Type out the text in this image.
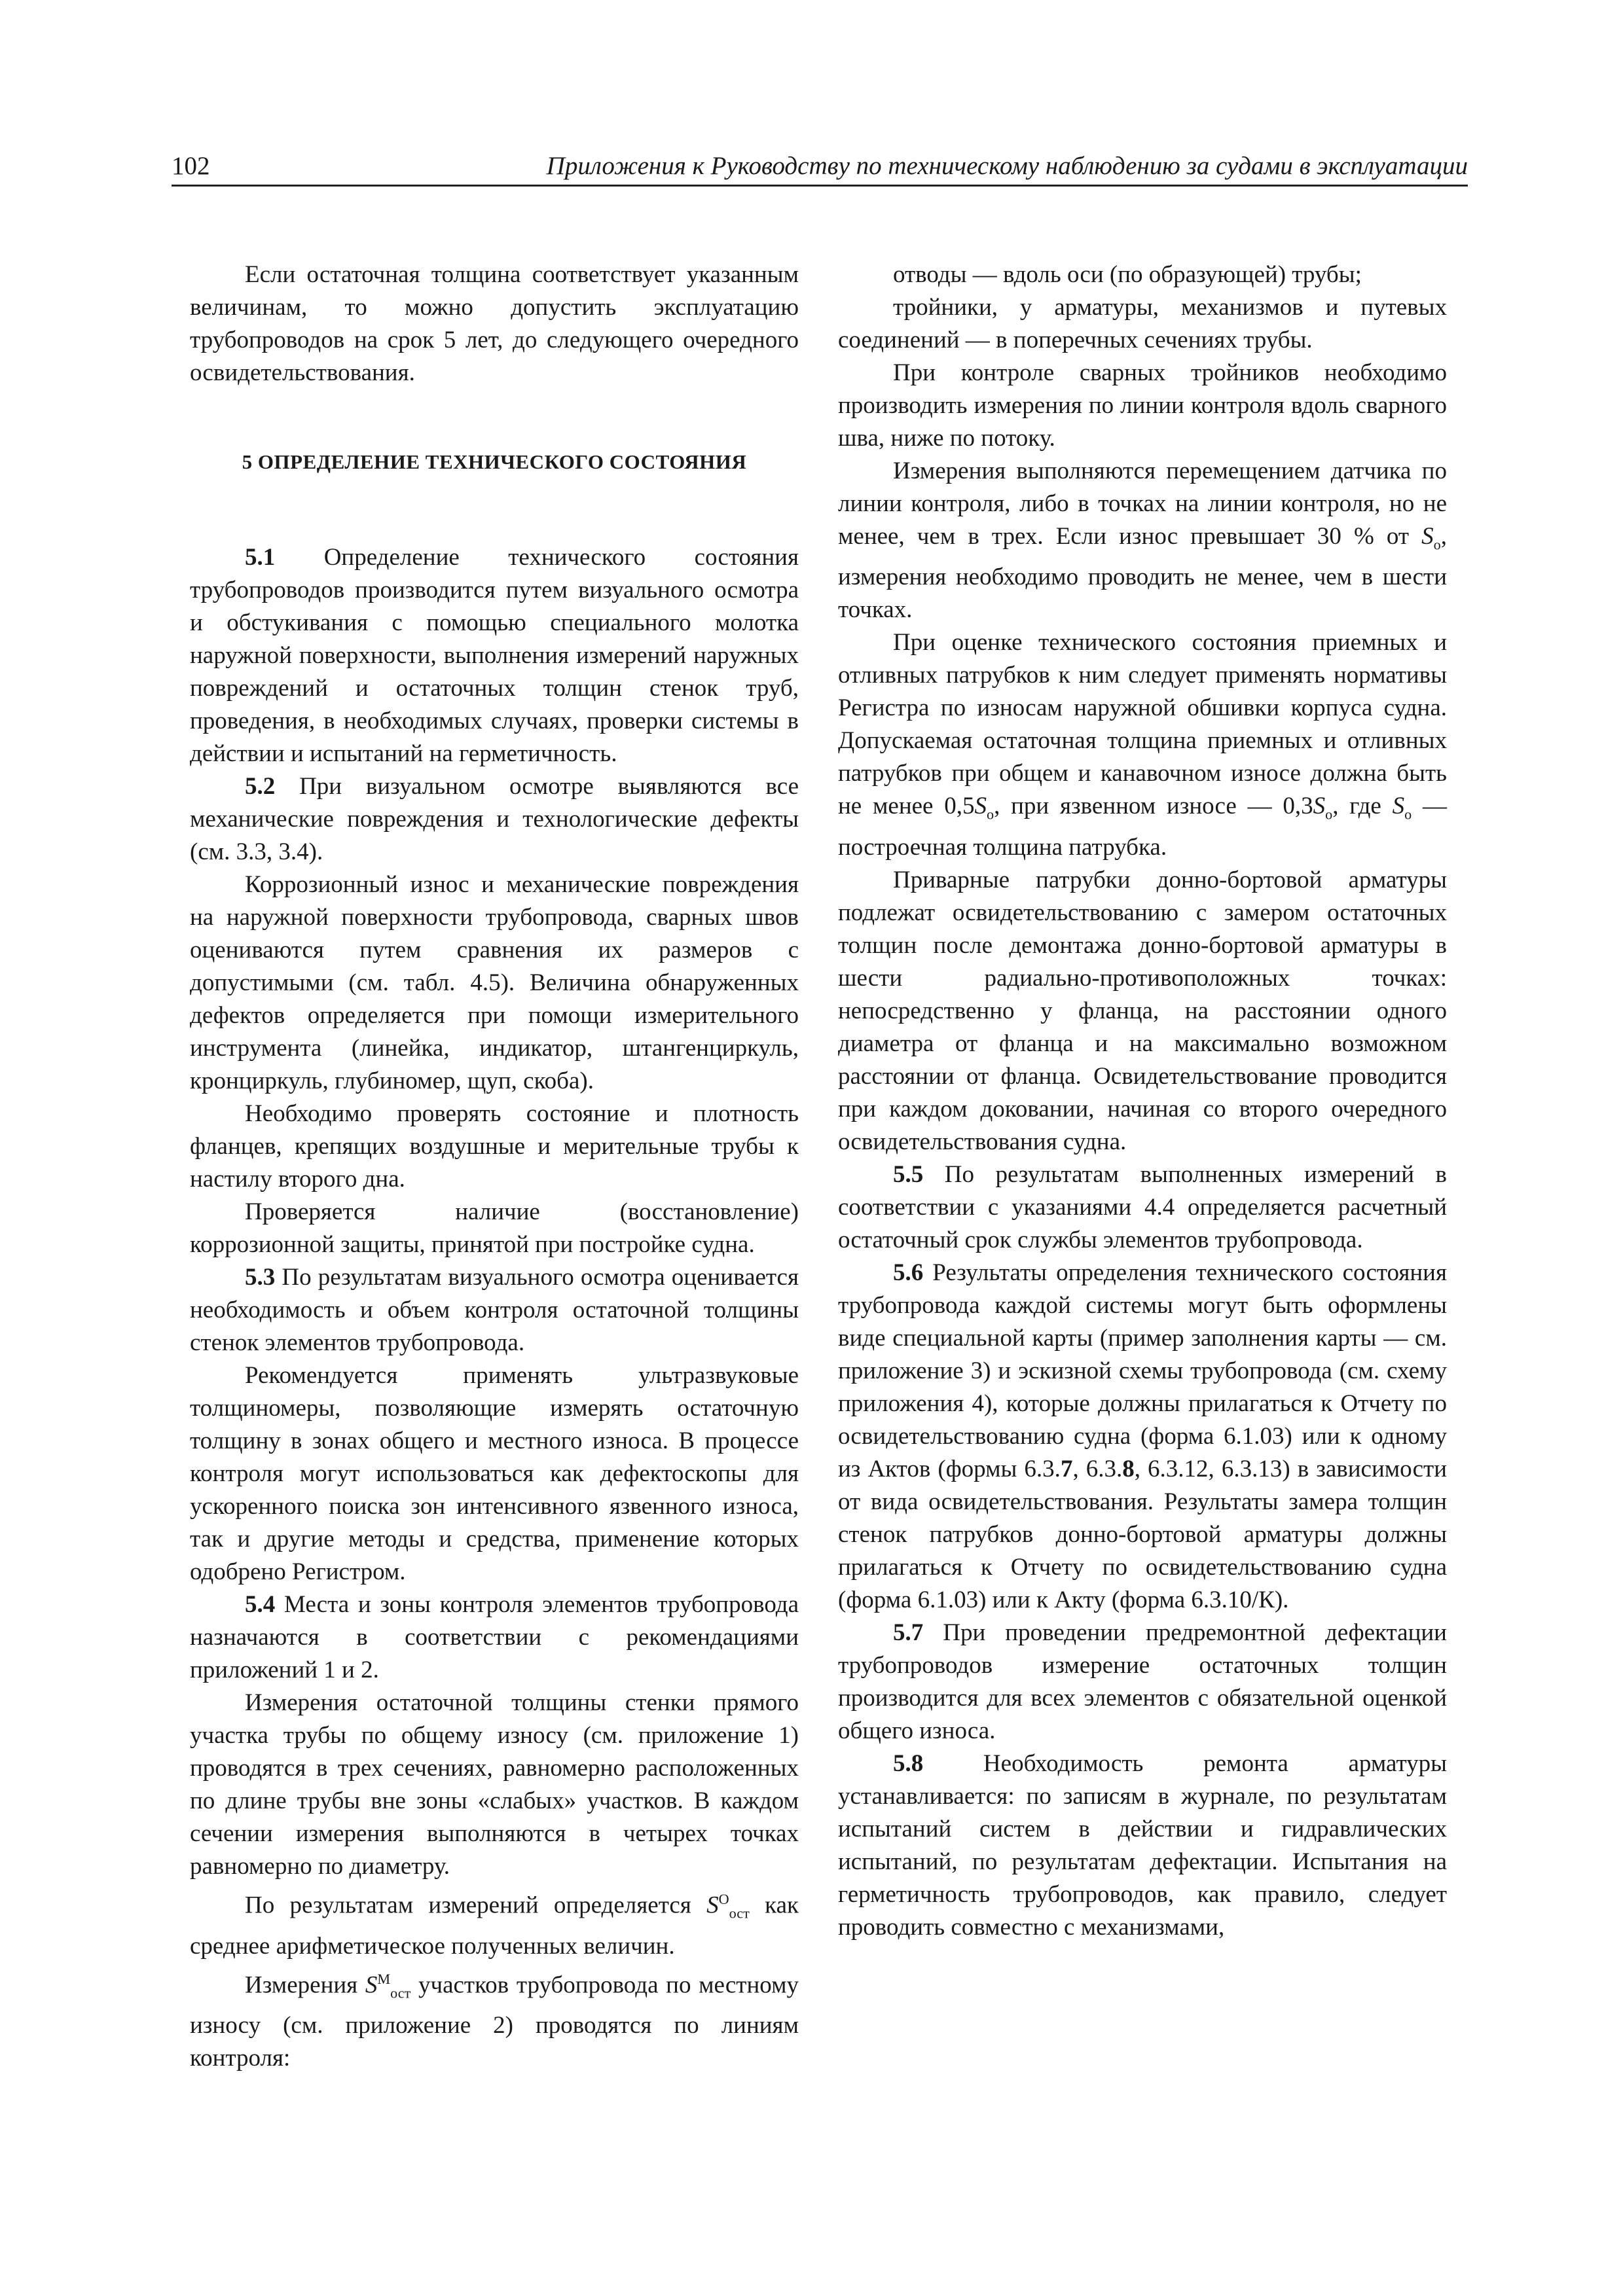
102	Приложения к Руководству по техническому наблюдению за судами в эксплуатации

Если остаточная толщина соответствует указанным величинам, то можно допустить эксплуатацию трубопроводов на срок 5 лет, до следующего очередного освидетельствования.

5 ОПРЕДЕЛЕНИЕ ТЕХНИЧЕСКОГО СОСТОЯНИЯ

5.1 Определение технического состояния трубопроводов производится путем визуального осмотра и обстукивания с помощью специального молотка наружной поверхности, выполнения измерений наружных повреждений и остаточных толщин стенок труб, проведения, в необходимых случаях, проверки системы в действии и испытаний на герметичность.

5.2 При визуальном осмотре выявляются все механические повреждения и технологические дефекты (см. 3.3, 3.4).

Коррозионный износ и механические повреждения на наружной поверхности трубопровода, сварных швов оцениваются путем сравнения их размеров с допустимыми (см. табл. 4.5). Величина обнаруженных дефектов определяется при помощи измерительного инструмента (линейка, индикатор, штангенциркуль, кронциркуль, глубиномер, щуп, скоба).

Необходимо проверять состояние и плотность фланцев, крепящих воздушные и мерительные трубы к настилу второго дна.

Проверяется наличие (восстановление) коррозионной защиты, принятой при постройке судна.

5.3 По результатам визуального осмотра оценивается необходимость и объем контроля остаточной толщины стенок элементов трубопровода.

Рекомендуется применять ультразвуковые толщиномеры, позволяющие измерять остаточную толщину в зонах общего и местного износа. В процессе контроля могут использоваться как дефектоскопы для ускоренного поиска зон интенсивного язвенного износа, так и другие методы и средства, применение которых одобрено Регистром.

5.4 Места и зоны контроля элементов трубопровода назначаются в соответствии с рекомендациями приложений 1 и 2.

Измерения остаточной толщины стенки прямого участка трубы по общему износу (см. приложение 1) проводятся в трех сечениях, равномерно расположенных по длине трубы вне зоны «слабых» участков. В каждом сечении измерения выполняются в четырех точках равномерно по диаметру.

По результатам измерений определяется $S^O_{ост}$ как среднее арифметическое полученных величин.

Измерения $S^M_{ост}$ участков трубопровода по местному износу (см. приложение 2) проводятся по линиям контроля:

отводы — вдоль оси (по образующей) трубы;

тройники, у арматуры, механизмов и путевых соединений — в поперечных сечениях трубы.

При контроле сварных тройников необходимо производить измерения по линии контроля вдоль сварного шва, ниже по потоку.

Измерения выполняются перемещением датчика по линии контроля, либо в точках на линии контроля, но не менее, чем в трех. Если износ превышает 30 % от $S_o$, измерения необходимо проводить не менее, чем в шести точках.

При оценке технического состояния приемных и отливных патрубков к ним следует применять нормативы Регистра по износам наружной обшивки корпуса судна. Допускаемая остаточная толщина приемных и отливных патрубков при общем и канавочном износе должна быть не менее $0,5S_o$, при язвенном износе — $0,3S_o$, где $S_o$ — построечная толщина патрубка.

Приварные патрубки донно-бортовой арматуры подлежат освидетельствованию с замером остаточных толщин после демонтажа донно-бортовой арматуры в шести радиально-противоположных точках: непосредственно у фланца, на расстоянии одного диаметра от фланца и на максимально возможном расстоянии от фланца. Освидетельствование проводится при каждом доковании, начиная со второго очередного освидетельствования судна.

5.5 По результатам выполненных измерений в соответствии с указаниями 4.4 определяется расчетный остаточный срок службы элементов трубопровода.

5.6 Результаты определения технического состояния трубопровода каждой системы могут быть оформлены виде специальной карты (пример заполнения карты — см. приложение 3) и эскизной схемы трубопровода (см. схему приложения 4), которые должны прилагаться к Отчету по освидетельствованию судна (форма 6.1.03) или к одному из Актов (формы 6.3.7, 6.3.8, 6.3.12, 6.3.13) в зависимости от вида освидетельствования. Результаты замера толщин стенок патрубков донно-бортовой арматуры должны прилагаться к Отчету по освидетельствованию судна (форма 6.1.03) или к Акту (форма 6.3.10/К).

5.7 При проведении предремонтной дефектации трубопроводов измерение остаточных толщин производится для всех элементов с обязательной оценкой общего износа.

5.8 Необходимость ремонта арматуры устанавливается: по записям в журнале, по результатам испытаний систем в действии и гидравлических испытаний, по результатам дефектации. Испытания на герметичность трубопроводов, как правило, следует проводить совместно с механизмами,
